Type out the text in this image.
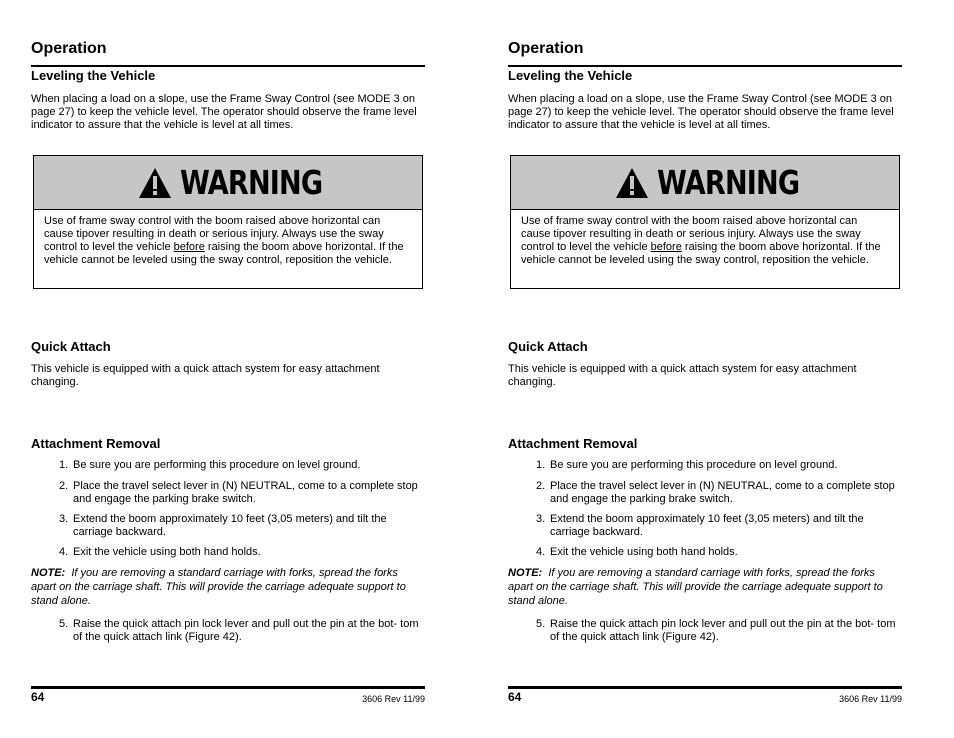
Operation
Leveling the Vehicle
When placing a load on a slope, use the Frame Sway Control (see MODE 3 on page 27) to keep the vehicle level. The operator should observe the frame level indicator to assure that the vehicle is level at all times.
WARNING
Use of frame sway control with the boom raised above horizontal can cause tipover resulting in death or serious injury. Always use the sway control to level the vehicle before raising the boom above horizontal. If the vehicle cannot be leveled using the sway control, reposition the vehicle.
Quick Attach
This vehicle is equipped with a quick attach system for easy attachment changing.
Attachment Removal
1. Be sure you are performing this procedure on level ground.
2. Place the travel select lever in (N) NEUTRAL, come to a complete stop and engage the parking brake switch.
3. Extend the boom approximately 10 feet (3,05 meters) and tilt the carriage backward.
4. Exit the vehicle using both hand holds.
NOTE: If you are removing a standard carriage with forks, spread the forks apart on the carriage shaft. This will provide the carriage adequate support to stand alone.
5. Raise the quick attach pin lock lever and pull out the pin at the bot- tom of the quick attach link (Figure 42).
64	3606 Rev 11/99
Operation
Leveling the Vehicle
When placing a load on a slope, use the Frame Sway Control (see MODE 3 on page 27) to keep the vehicle level. The operator should observe the frame level indicator to assure that the vehicle is level at all times.
WARNING
Use of frame sway control with the boom raised above horizontal can cause tipover resulting in death or serious injury. Always use the sway control to level the vehicle before raising the boom above horizontal. If the vehicle cannot be leveled using the sway control, reposition the vehicle.
Quick Attach
This vehicle is equipped with a quick attach system for easy attachment changing.
Attachment Removal
1. Be sure you are performing this procedure on level ground.
2. Place the travel select lever in (N) NEUTRAL, come to a complete stop and engage the parking brake switch.
3. Extend the boom approximately 10 feet (3,05 meters) and tilt the carriage backward.
4. Exit the vehicle using both hand holds.
NOTE: If you are removing a standard carriage with forks, spread the forks apart on the carriage shaft. This will provide the carriage adequate support to stand alone.
5. Raise the quick attach pin lock lever and pull out the pin at the bot- tom of the quick attach link (Figure 42).
64	3606 Rev 11/99
